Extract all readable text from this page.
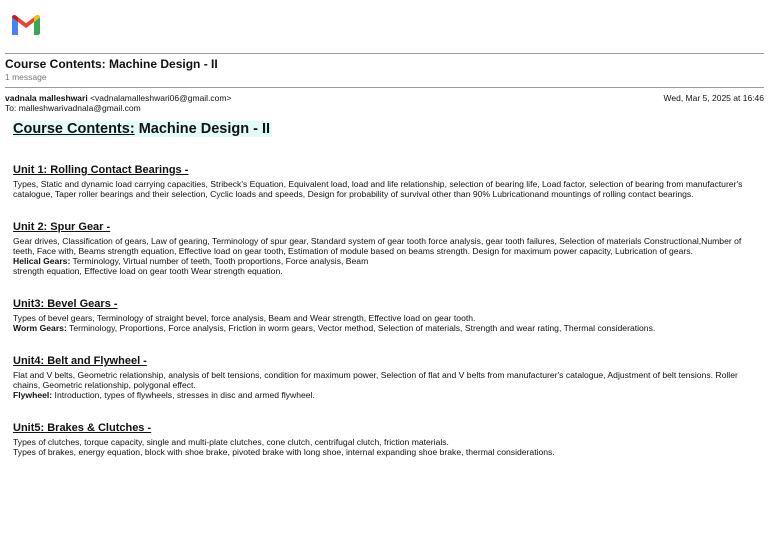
Course Contents: Machine Design - II
1 message
vadnala malleshwari <vadnalamalleshwari06@gmail.com>	Wed, Mar 5, 2025 at 16:46
To: malleshwarivadnala@gmail.com
Course Contents: Machine Design - II
Unit 1: Rolling Contact Bearings -

Types, Static and dynamic load carrying capacities, Stribeck's Equation, Equivalent load, load and life relationship, selection of bearing life, Load factor, selection of bearing from manufacturer's catalogue, Taper roller bearings and their selection, Cyclic loads and speeds, Design for probability of survival other than 90% Lubricationand mountings of rolling contact bearings.

Unit 2: Spur Gear -

Gear drives, Classification of gears, Law of gearing, Terminology of spur gear, Standard system of gear tooth force analysis, gear tooth failures, Selection of materials Constructional,Number of teeth, Face with, Beams strength equation, Effective load on gear tooth, Estimation of module based on beams strength. Design for maximum power capacity, Lubrication of gears.

Helical Gears: Terminology, Virtual number of teeth, Tooth proportions, Force analysis, Beam

strength equation, Effective load on gear tooth Wear strength equation.

Unit3: Bevel Gears -

Types of bevel gears, Terminology of straight bevel, force analysis, Beam and Wear strength, Effective load on gear tooth.

Worm Gears: Terminology, Proportions, Force analysis, Friction in worm gears, Vector method, Selection of materials, Strength and wear rating, Thermal considerations.

Unit4: Belt and Flywheel -

Flat and V belts, Geometric relationship, analysis of belt tensions, condition for maximum power, Selection of flat and V belts from manufacturer's catalogue, Adjustment of belt tensions. Roller chains, Geometric relationship, polygonal effect.

Flywheel: Introduction, types of flywheels, stresses in disc and armed flywheel.

Unit5: Brakes & Clutches -

Types of clutches, torque capacity, single and multi-plate clutches, cone clutch, centrifugal clutch, friction materials.

Types of brakes, energy equation, block with shoe brake, pivoted brake with long shoe, internal expanding shoe brake, thermal considerations.
